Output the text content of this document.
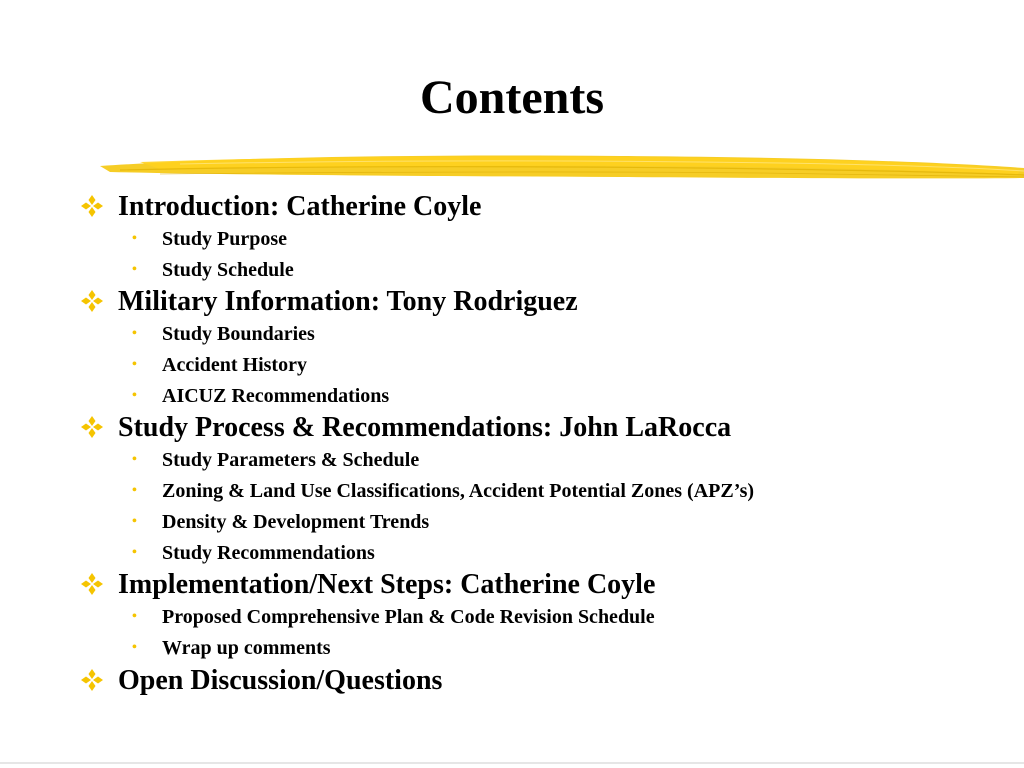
Contents
Introduction: Catherine Coyle
• Study Purpose
• Study Schedule
Military Information: Tony Rodriguez
• Study Boundaries
• Accident History
• AICUZ Recommendations
Study Process & Recommendations: John LaRocca
• Study Parameters & Schedule
• Zoning & Land Use Classifications, Accident Potential Zones (APZ’s)
• Density & Development Trends
• Study Recommendations
Implementation/Next Steps: Catherine Coyle
• Proposed Comprehensive Plan & Code Revision Schedule
• Wrap up comments
Open Discussion/Questions
